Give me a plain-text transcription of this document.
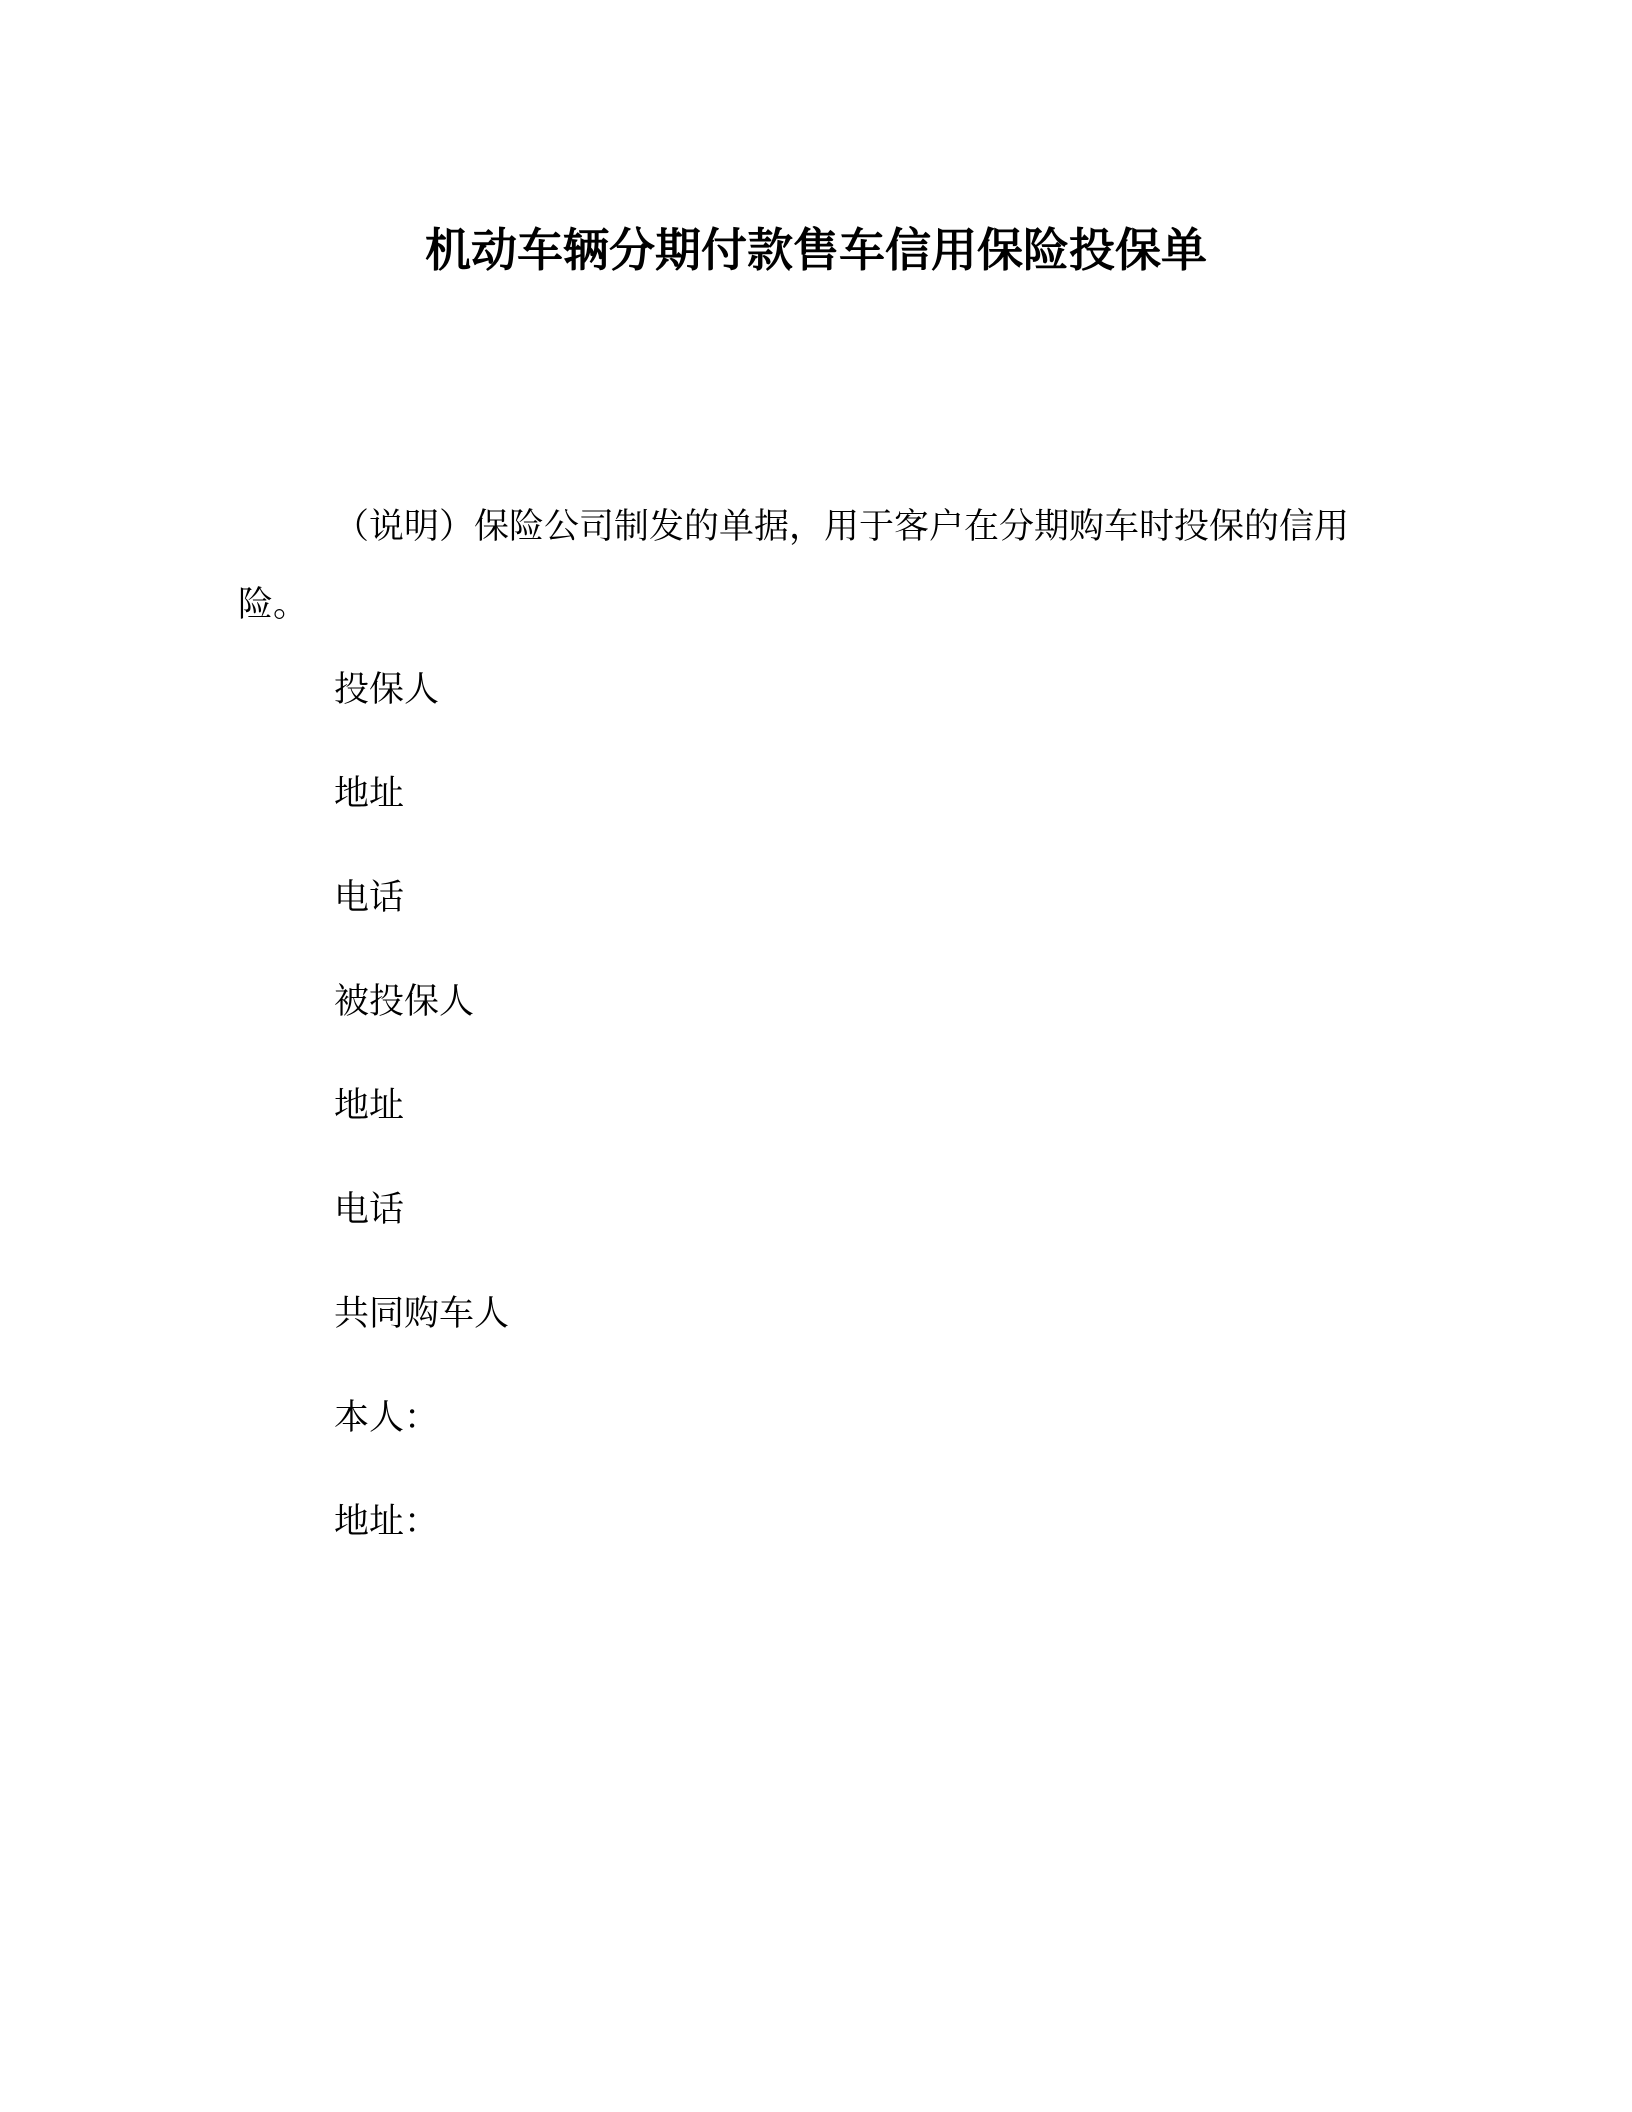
机动车辆分期付款售车信用保险投保单

（说明）保险公司制发的单据，用于客户在分期购车时投保的信用险。

投保人
地址
电话
被投保人
地址
电话
共同购车人
本人：
地址：
